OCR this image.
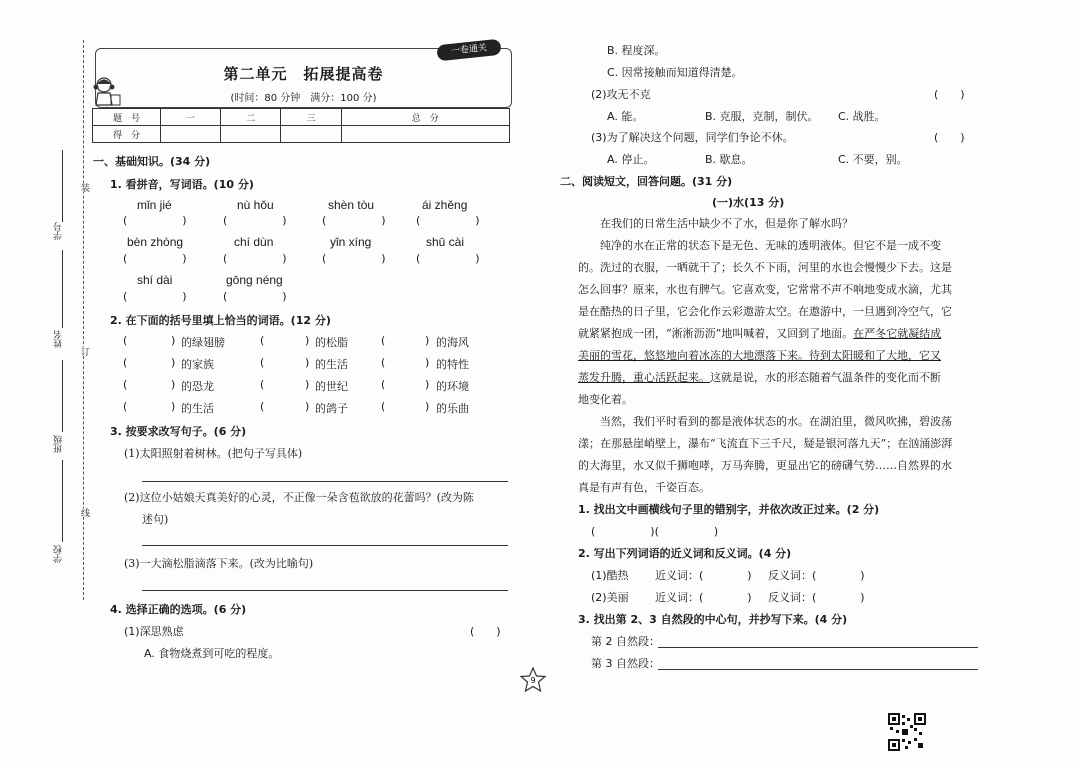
学号
姓名
班级
学校
装
订
线
第二单元　拓展提高卷
(时间：80 分钟　满分：100 分)
一卷通关
题　号	一	二	三	总　分
得　分				
一、基础知识。(34 分)
1. 看拼音，写词语。(10 分)
mǐn jié	nù hǒu	shèn tòu	ái zhěng
(　　　　　)	(　　　　　)	(　　　　　)	(　　　　　)
bèn zhòng	chí dùn	yǐn xíng	shū cài
(　　　　　)	(　　　　　)	(　　　　　)	(　　　　　)
shí dài	gōng néng
(　　　　　)	(　　　　　)
2. 在下面的括号里填上恰当的词语。(12 分)
(	) 的绿翅膀	(	) 的松脂	(	) 的海风
(	) 的家族	(	) 的生活	(	) 的特性
(	) 的恐龙	(	) 的世纪	(	) 的环境
(	) 的生活	(	) 的鸽子	(	) 的乐曲
3. 按要求改写句子。(6 分)
(1)太阳照射着树林。(把句子写具体)
(2)这位小姑娘天真美好的心灵，不正像一朵含苞欲放的花蕾吗？(改为陈
述句)
(3)一大滴松脂滴落下来。(改为比喻句)
4. 选择正确的选项。(6 分)
(1)深思熟虑	(　　)
A. 食物烧煮到可吃的程度。
B. 程度深。
C. 因常接触而知道得清楚。
(2)攻无不克	(　　)
A. 能。	B. 克服，克制，制伏。 C. 战胜。
(3)为了解决这个问题，同学们争论不休。	(　　)
A. 停止。	B. 歇息。	C. 不要，别。
二、阅读短文，回答问题。(31 分)
(一)水(13 分)
在我们的日常生活中缺少不了水，但是你了解水吗？
纯净的水在正常的状态下是无色、无味的透明液体。但它不是一成不变
的。洗过的衣服，一晒就干了；长久不下雨，河里的水也会慢慢少下去。这是
怎么回事？原来，水也有脾气。它喜欢变，它常常不声不响地变成水滴，尤其
是在酷热的日子里，它会化作云彩遨游太空。在遨游中，一旦遇到冷空气，它
就紧紧抱成一团，“淅淅沥沥”地叫喊着，又回到了地面。在严冬它就凝结成
美丽的雪花，悠悠地向着冰冻的大地漂落下来。待到太阳暖和了大地，它又
蒸发升腾，重心活跃起来。这就是说，水的形态随着气温条件的变化而不断
地变化着。
当然，我们平时看到的都是液体状态的水。在湖泊里，微风吹拂，碧波荡
漾；在那悬崖峭壁上，瀑布“飞流直下三千尺，疑是银河落九天”；在汹涌澎湃
的大海里，水又似千狮咆哮，万马奔腾，更显出它的磅礴气势……自然界的水
真是有声有色，千姿百态。
1. 找出文中画横线句子里的错别字，并依次改正过来。(2 分)
(　　　　　)(　　　　　)
2. 写出下列词语的近义词和反义词。(4 分)
(1)酷热 近义词：(　　　　) 反义词：(　　　　)
(2)美丽 近义词：(　　　　) 反义词：(　　　　)
3. 找出第 2、3 自然段的中心句，并抄写下来。(4 分)
第 2 自然段：
第 3 自然段：
9
